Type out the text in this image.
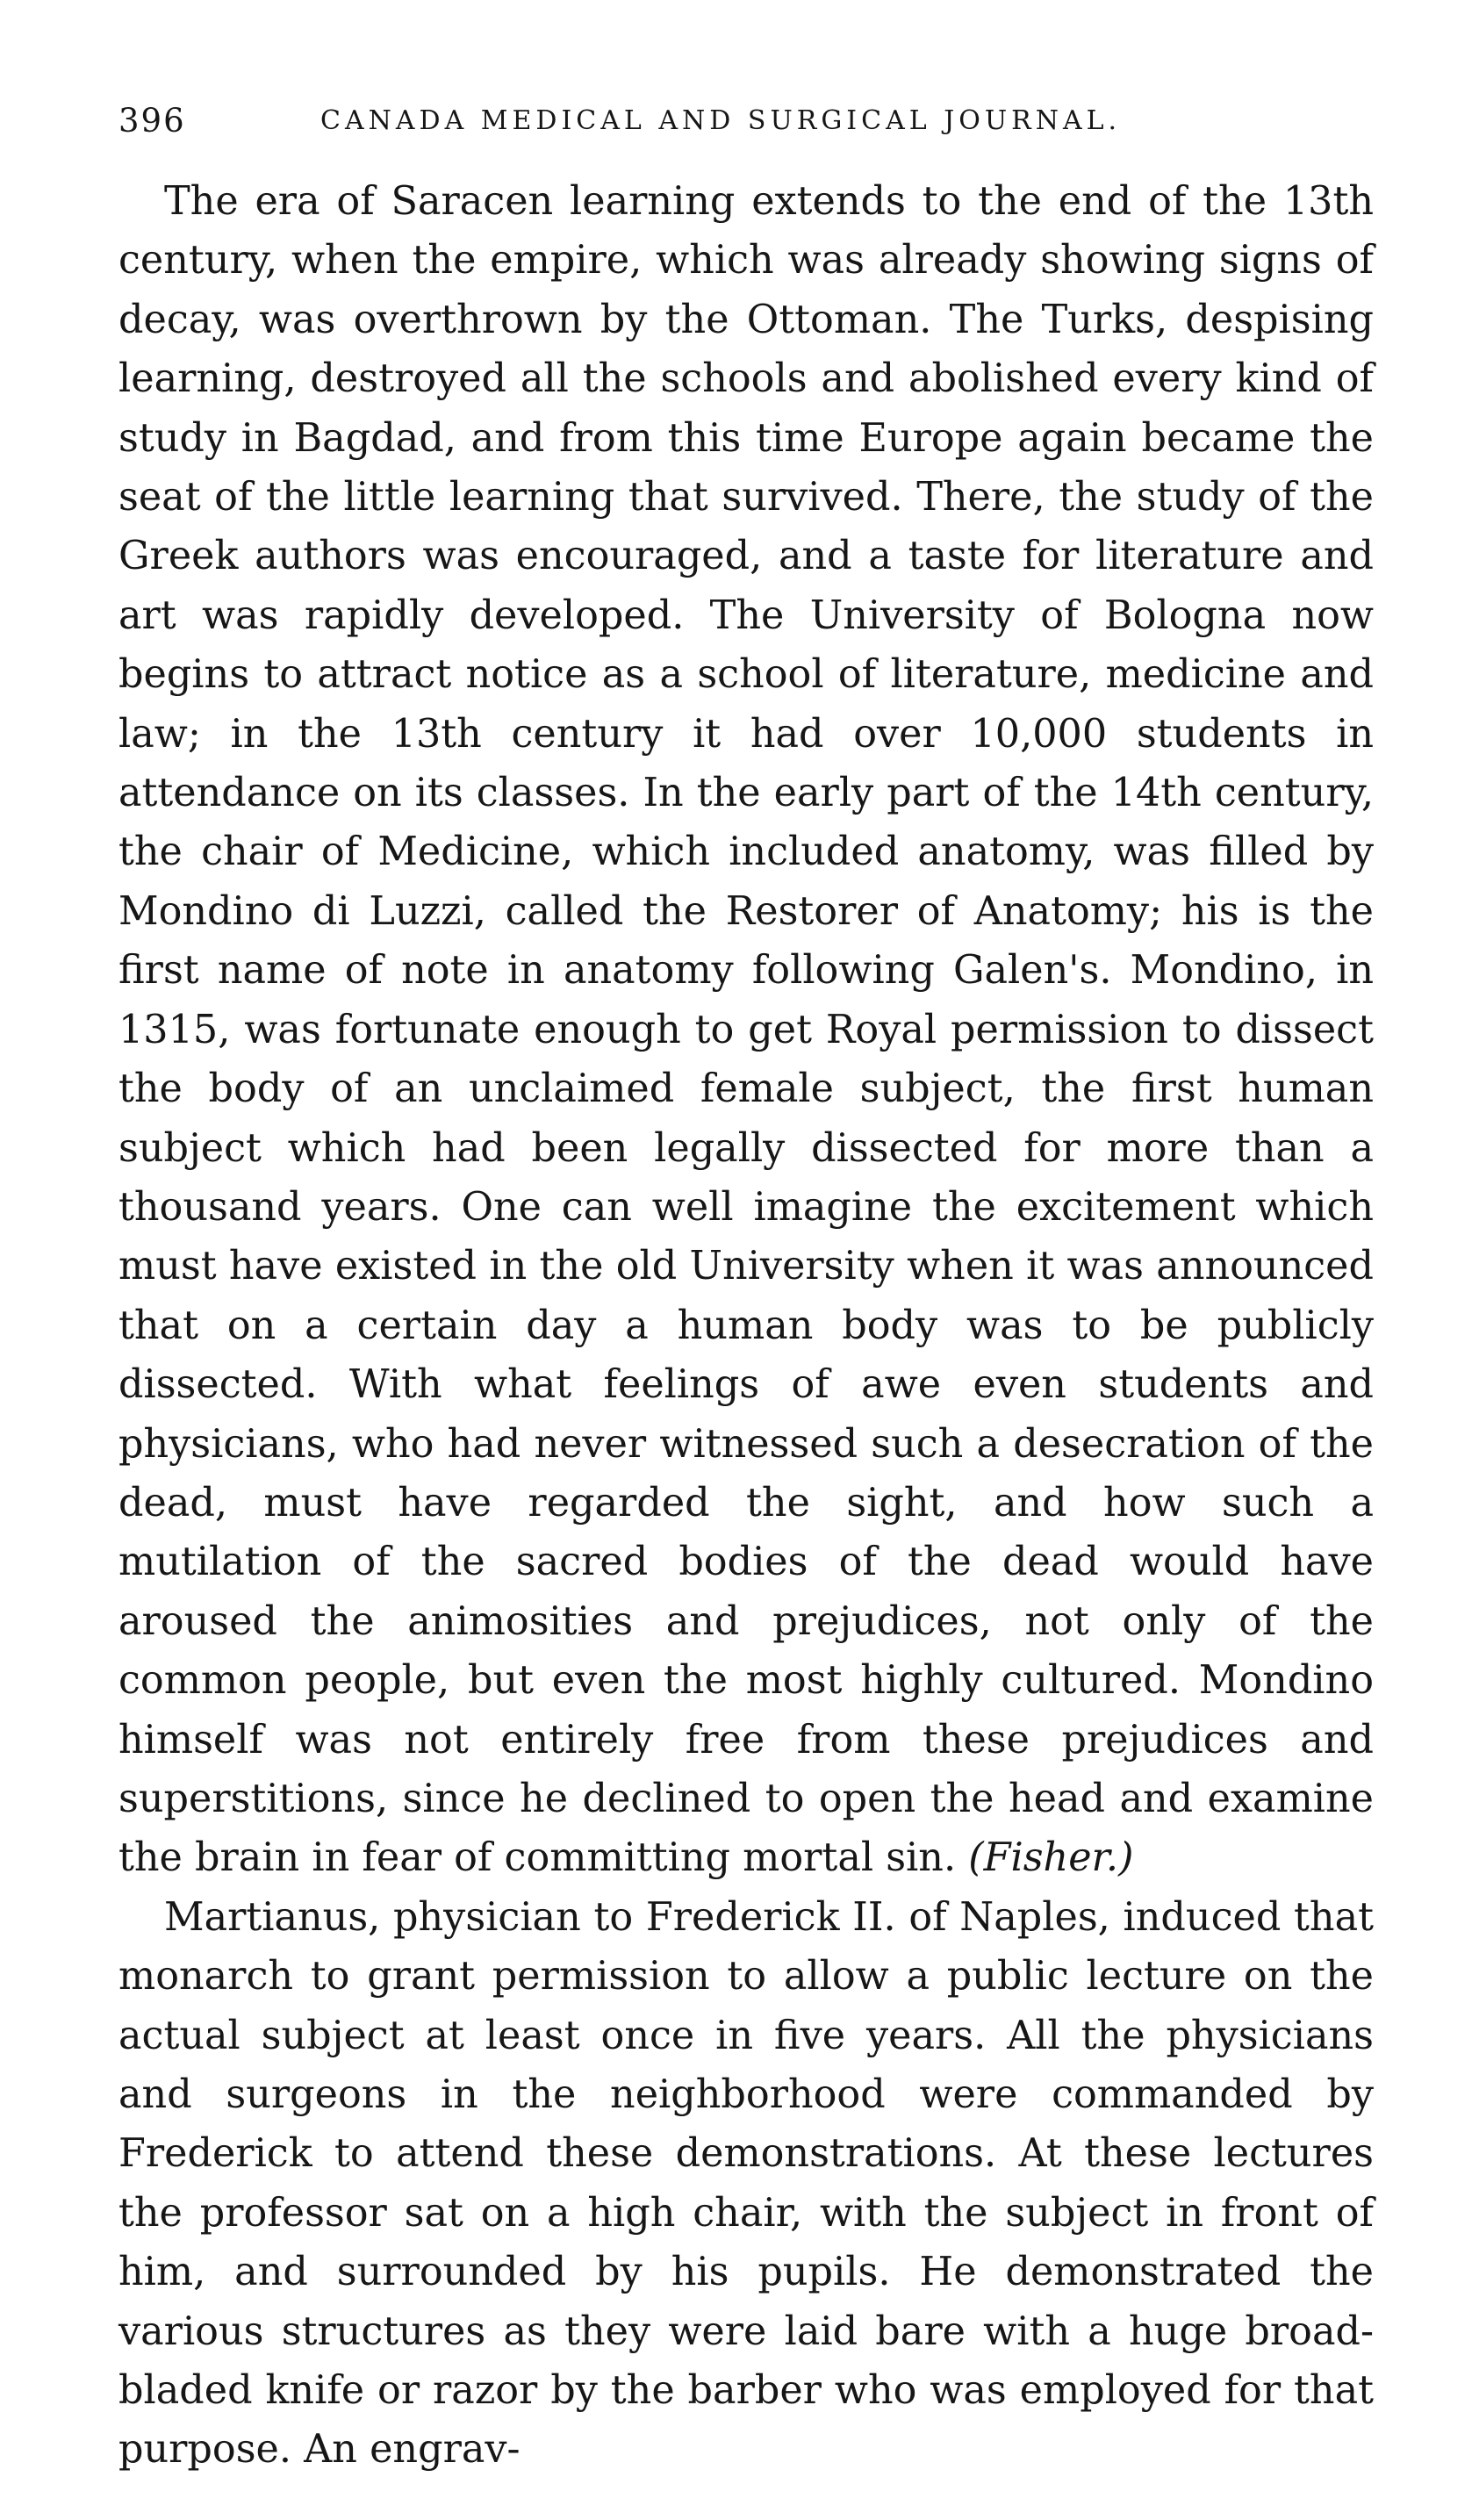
396	CANADA MEDICAL AND SURGICAL JOURNAL.

The era of Saracen learning extends to the end of the 13th century, when the empire, which was already showing signs of decay, was overthrown by the Ottoman. The Turks, despising learning, destroyed all the schools and abolished every kind of study in Bagdad, and from this time Europe again became the seat of the little learning that survived. There, the study of the Greek authors was encouraged, and a taste for literature and art was rapidly developed. The University of Bologna now begins to attract notice as a school of literature, medicine and law; in the 13th century it had over 10,000 students in attendance on its classes. In the early part of the 14th century, the chair of Medicine, which included anatomy, was filled by Mondino di Luzzi, called the Restorer of Anatomy; his is the first name of note in anatomy following Galen's. Mondino, in 1315, was fortunate enough to get Royal permission to dissect the body of an unclaimed female subject, the first human subject which had been legally dissected for more than a thousand years. One can well imagine the excitement which must have existed in the old University when it was announced that on a certain day a human body was to be publicly dissected. With what feelings of awe even students and physicians, who had never witnessed such a desecration of the dead, must have regarded the sight, and how such a mutilation of the sacred bodies of the dead would have aroused the animosities and prejudices, not only of the common people, but even the most highly cultured. Mondino himself was not entirely free from these prejudices and superstitions, since he declined to open the head and examine the brain in fear of committing mortal sin. (Fisher.)

Martianus, physician to Frederick II. of Naples, induced that monarch to grant permission to allow a public lecture on the actual subject at least once in five years. All the physicians and surgeons in the neighborhood were commanded by Frederick to attend these demonstrations. At these lectures the professor sat on a high chair, with the subject in front of him, and surrounded by his pupils. He demonstrated the various structures as they were laid bare with a huge broad-bladed knife or razor by the barber who was employed for that purpose. An engrav-
